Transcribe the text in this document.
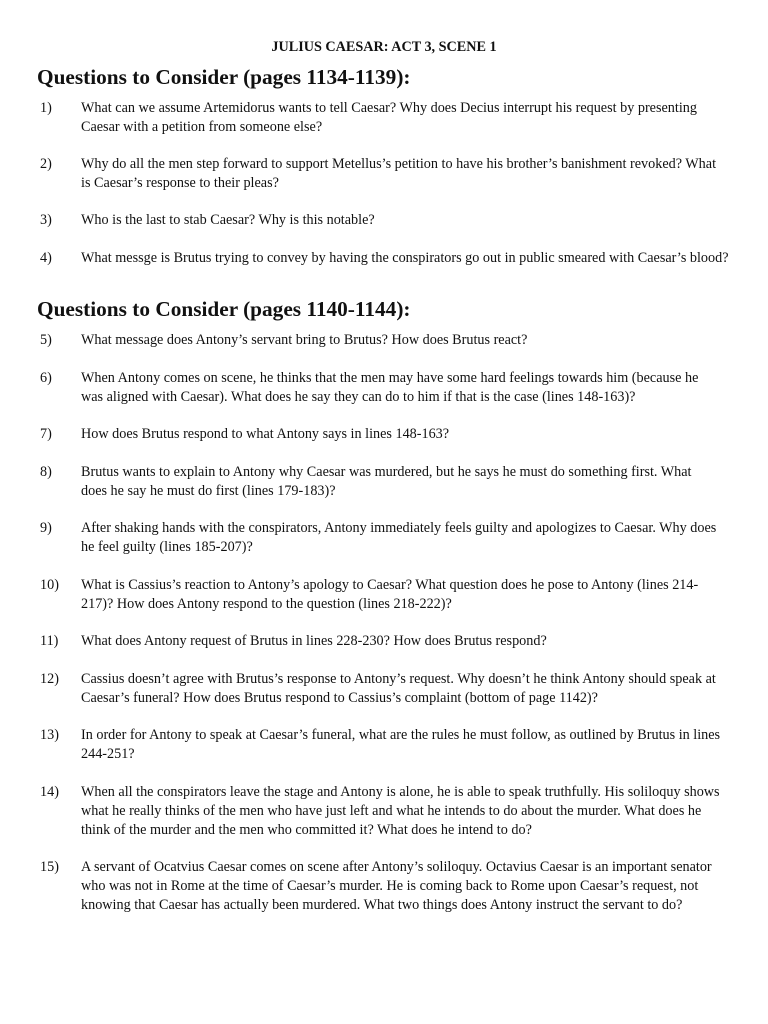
JULIUS CAESAR: ACT 3, SCENE 1
Questions to Consider (pages 1134-1139):

1)	What can we assume Artemidorus wants to tell Caesar? Why does Decius interrupt his request by presenting Caesar with a petition from someone else?

2)	Why do all the men step forward to support Metellus’s petition to have his brother’s banishment revoked? What is Caesar’s response to their pleas?

3)	Who is the last to stab Caesar? Why is this notable?

4)	What messge is Brutus trying to convey by having the conspirators go out in public smeared with Caesar’s blood?

Questions to Consider (pages 1140-1144):

5)	What message does Antony’s servant bring to Brutus? How does Brutus react?

6)	When Antony comes on scene, he thinks that the men may have some hard feelings towards him (because he was aligned with Caesar). What does he say they can do to him if that is the case (lines 148-163)?

7)	How does Brutus respond to what Antony says in lines 148-163?

8)	Brutus wants to explain to Antony why Caesar was murdered, but he says he must do something first. What does he say he must do first (lines 179-183)?

9)	After shaking hands with the conspirators, Antony immediately feels guilty and apologizes to Caesar. Why does he feel guilty (lines 185-207)?

10)	What is Cassius’s reaction to Antony’s apology to Caesar? What question does he pose to Antony (lines 214-217)? How does Antony respond to the question (lines 218-222)?

11)	What does Antony request of Brutus in lines 228-230? How does Brutus respond?

12)	Cassius doesn’t agree with Brutus’s response to Antony’s request. Why doesn’t he think Antony should speak at Caesar’s funeral? How does Brutus respond to Cassius’s complaint (bottom of page 1142)?

13)	In order for Antony to speak at Caesar’s funeral, what are the rules he must follow, as outlined by Brutus in lines 244-251?

14)	When all the conspirators leave the stage and Antony is alone, he is able to speak truthfully. His soliloquy shows what he really thinks of the men who have just left and what he intends to do about the murder. What does he think of the murder and the men who committed it? What does he intend to do?

15)	A servant of Ocatvius Caesar comes on scene after Antony’s soliloquy. Octavius Caesar is an important senator who was not in Rome at the time of Caesar’s murder. He is coming back to Rome upon Caesar’s request, not knowing that Caesar has actually been murdered. What two things does Antony instruct the servant to do?
